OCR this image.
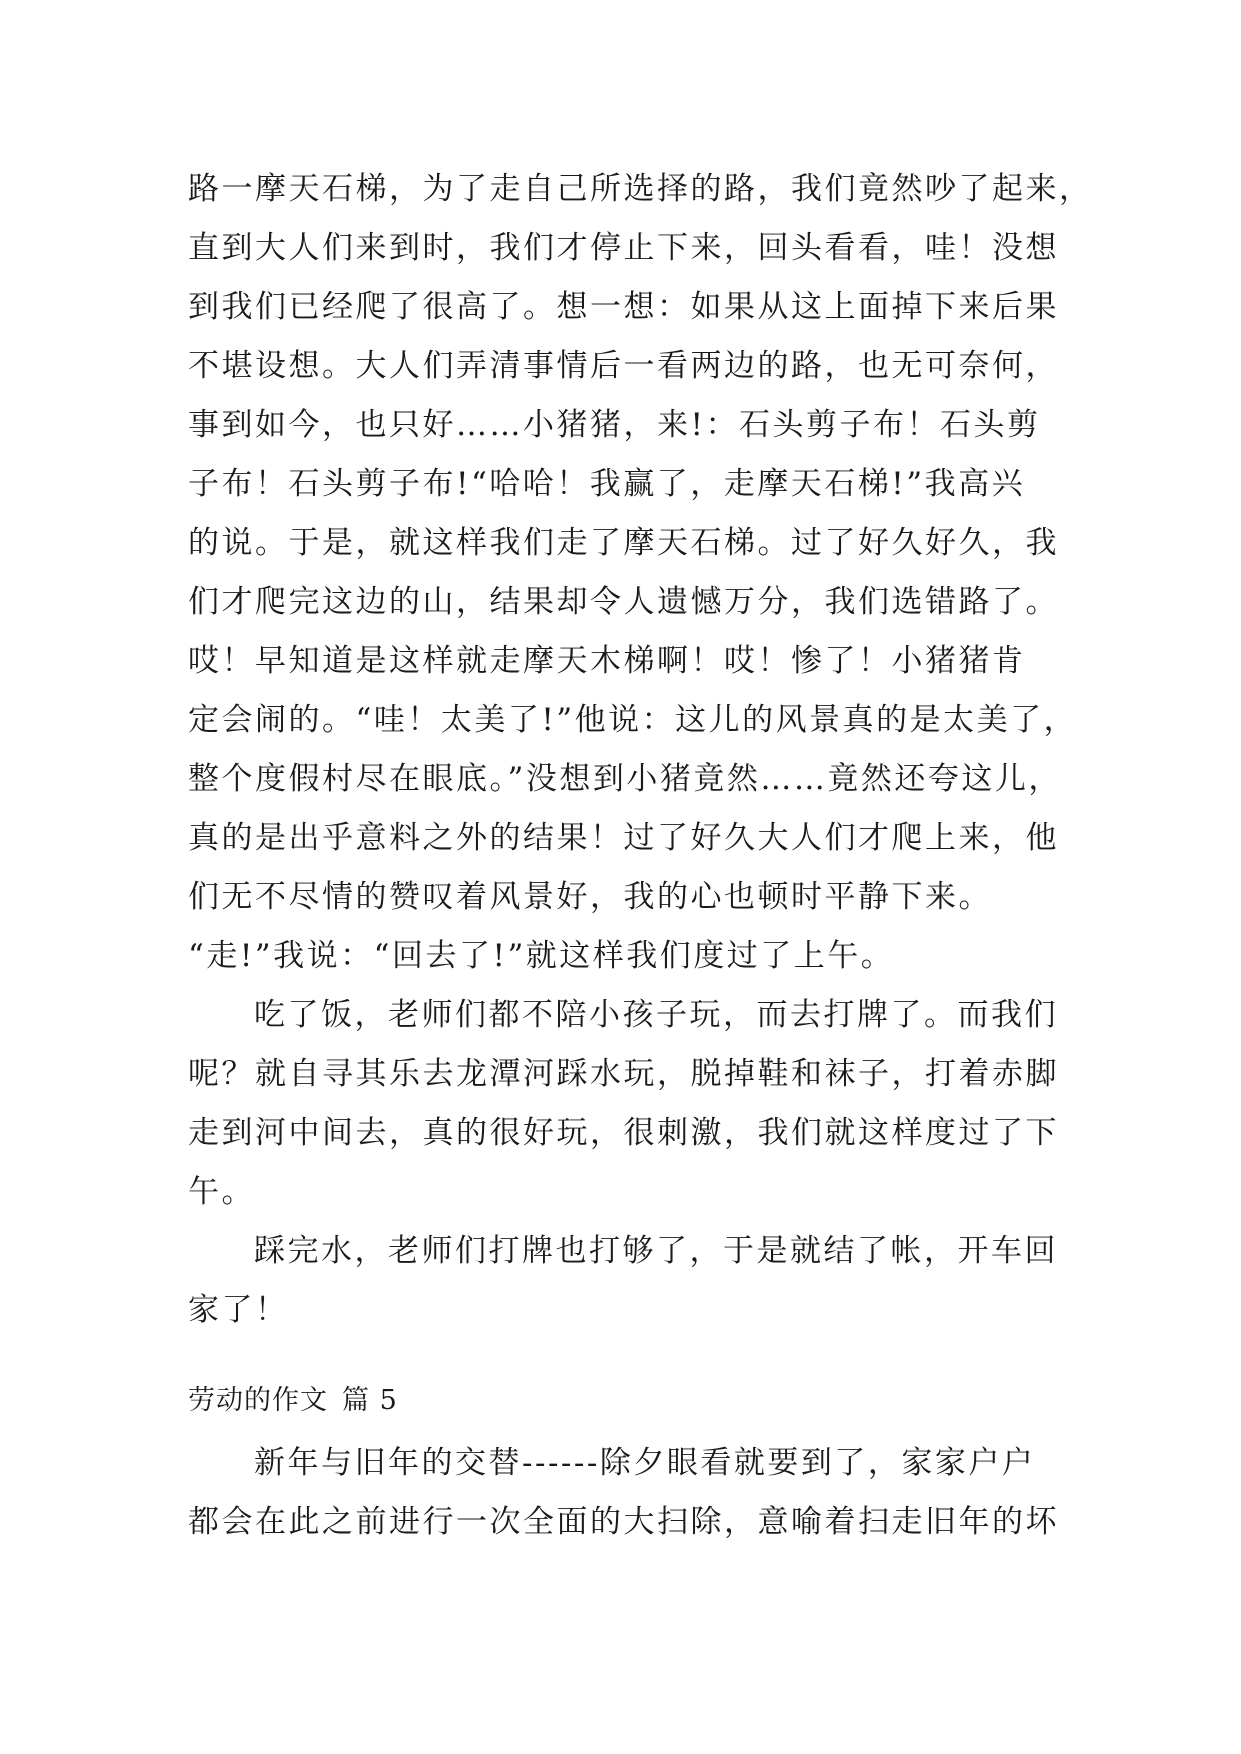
路一摩天石梯，为了走自己所选择的路，我们竟然吵了起来，
直到大人们来到时，我们才停止下来，回头看看，哇！没想
到我们已经爬了很高了。想一想：如果从这上面掉下来后果
不堪设想。大人们弄清事情后一看两边的路，也无可奈何，
事到如今，也只好……小猪猪，来!：石头剪子布！石头剪
子布！石头剪子布!“哈哈！我赢了，走摩天石梯!”我高兴
的说。于是，就这样我们走了摩天石梯。过了好久好久，我
们才爬完这边的山，结果却令人遗憾万分，我们选错路了。
哎！早知道是这样就走摩天木梯啊！哎！惨了！小猪猪肯
定会闹的。“哇！太美了!”他说：这儿的风景真的是太美了，
整个度假村尽在眼底。”没想到小猪竟然……竟然还夸这儿，
真的是出乎意料之外的结果！过了好久大人们才爬上来，他
们无不尽情的赞叹着风景好，我的心也顿时平静下来。
“走!”我说：“回去了!”就这样我们度过了上午。
吃了饭，老师们都不陪小孩子玩，而去打牌了。而我们
呢？就自寻其乐去龙潭河踩水玩，脱掉鞋和袜子，打着赤脚
走到河中间去，真的很好玩，很刺激，我们就这样度过了下
午。
踩完水，老师们打牌也打够了，于是就结了帐，开车回
家了！
劳动的作文 篇 5
新年与旧年的交替------除夕眼看就要到了，家家户户
都会在此之前进行一次全面的大扫除，意喻着扫走旧年的坏
